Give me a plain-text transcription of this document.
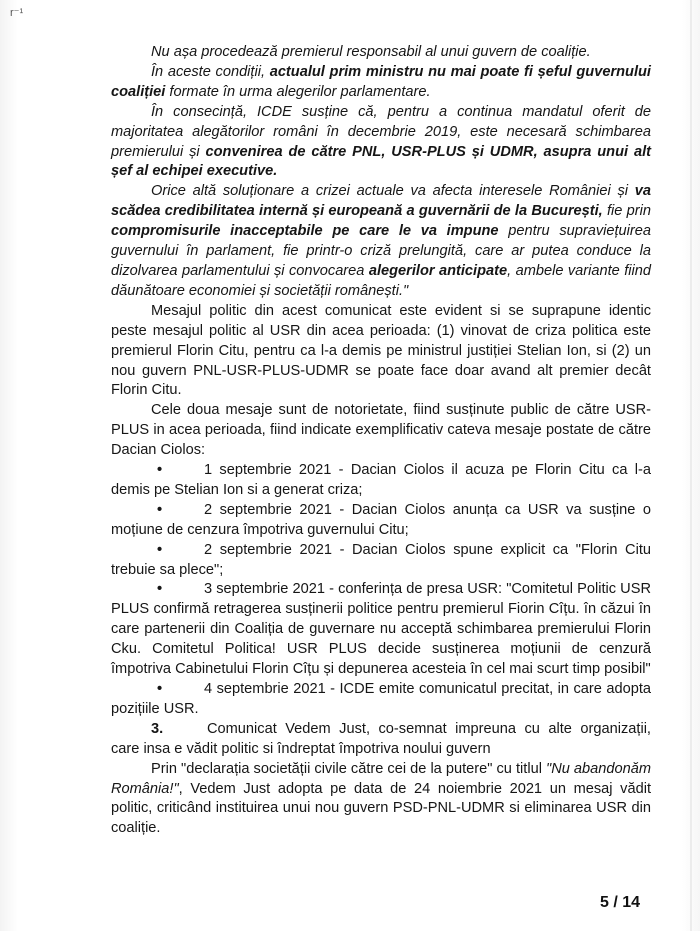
r⁻¹

Nu așa procedează premierul responsabil al unui guvern de coaliție.

În aceste condiții, actualul prim ministru nu mai poate fi șeful guvernului coaliției formate în urma alegerilor parlamentare.

În consecință, ICDE susține că, pentru a continua mandatul oferit de majoritatea alegătorilor români în decembrie 2019, este necesară schimbarea premierului și convenirea de către PNL, USR-PLUS și UDMR, asupra unui alt șef al echipei executive.

Orice altă soluționare a crizei actuale va afecta interesele României și va scădea credibilitatea internă și europeană a guvernării de la București, fie prin compromisurile inacceptabile pe care le va impune pentru supraviețuirea guvernului în parlament, fie printr-o criză prelungită, care ar putea conduce la dizolvarea parlamentului și convocarea alegerilor anticipate, ambele variante fiind dăunătoare economiei și societății românești."

Mesajul politic din acest comunicat este evident si se suprapune identic peste mesajul politic al USR din acea perioada: (1) vinovat de criza politica este premierul Florin Citu, pentru ca l-a demis pe ministrul justiției Stelian Ion, si (2) un nou guvern PNL-USR-PLUS-UDMR se poate face doar avand alt premier decât Florin Citu.

Cele doua mesaje sunt de notorietate, fiind susținute public de către USR-PLUS in acea perioada, fiind indicate exemplificativ cateva mesaje postate de către Dacian Ciolos:

•	1 septembrie 2021 - Dacian Ciolos il acuza pe Florin Citu ca l-a demis pe Stelian Ion si a generat criza;

•	2 septembrie 2021 - Dacian Ciolos anunța ca USR va susține o moțiune de cenzura împotriva guvernului Citu;

•	2 septembrie 2021 - Dacian Ciolos spune explicit ca "Florin Citu trebuie sa plece";

•	3 septembrie 2021 - conferința de presa USR: "Comitetul Politic USR PLUS confirmă retragerea susținerii politice pentru premierul Fiorin Cîțu. în căzui în care partenerii din Coaliția de guvernare nu acceptă schimbarea premierului Florin Cku. Comitetul Politica! USR PLUS decide susținerea moțiunii de cenzură împotriva Cabinetului Florin Cîțu și depunerea acesteia în cel mai scurt timp posibil"

•	4 septembrie 2021 - ICDE emite comunicatul precitat, in care adopta pozițiile USR.

3.	Comunicat Vedem Just, co-semnat impreuna cu alte organizații, care insa e vădit politic si îndreptat împotriva noului guvern

Prin "declarația societății civile către cei de la putere" cu titlul "Nu abandonăm România!", Vedem Just adopta pe data de 24 noiembrie 2021 un mesaj vădit politic, criticând instituirea unui nou guvern PSD-PNL-UDMR si eliminarea USR din coaliție.

5 / 14
